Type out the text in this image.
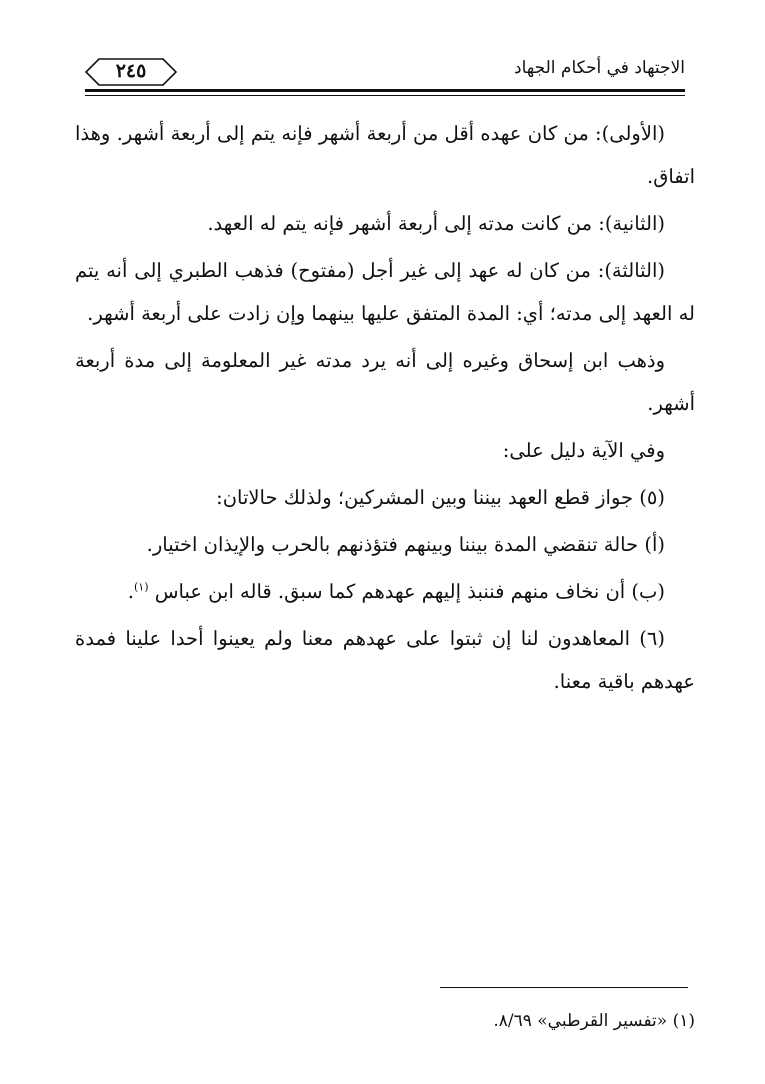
٢٤٥	الاجتهاد في أحكام الجهاد

(الأولى): من كان عهده أقل من أربعة أشهر فإنه يتم إلى أربعة أشهر. وهذا اتفاق.

(الثانية): من كانت مدته إلى أربعة أشهر فإنه يتم له العهد.

(الثالثة): من كان له عهد إلى غير أجل (مفتوح) فذهب الطبري إلى أنه يتم له العهد إلى مدته؛ أي: المدة المتفق عليها بينهما وإن زادت على أربعة أشهر.

وذهب ابن إسحاق وغيره إلى أنه يرد مدته غير المعلومة إلى مدة أربعة أشهر.

وفي الآية دليل على:

(٥) جواز قطع العهد بيننا وبين المشركين؛ ولذلك حالاتان:

(أ) حالة تنقضي المدة بيننا وبينهم فتؤذنهم بالحرب والإيذان اختيار.

(ب) أن نخاف منهم فننبذ إليهم عهدهم كما سبق. قاله ابن عباس $^{(١)}$.

(٦) المعاهدون لنا إن ثبتوا على عهدهم معنا ولم يعينوا أحدا علينا فمدة عهدهم باقية معنا.

(١) «تفسير القرطبي» ٨/٦٩.
